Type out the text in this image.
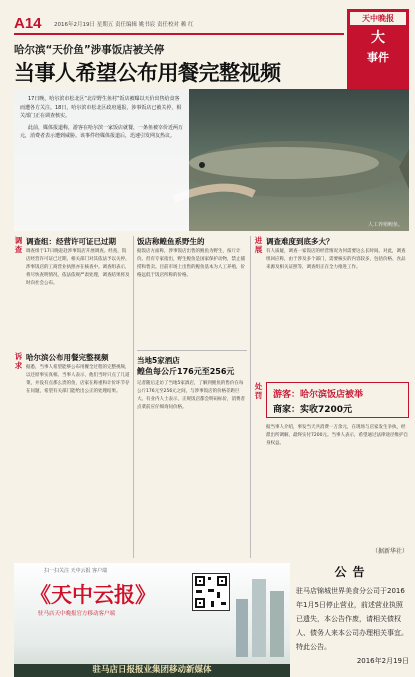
A14 2016年2月19日 星期五 责任编辑 姚书宸 责任校对 赖 红
天中晚报
大
事件
哈尔滨“天价鱼”涉事饭店被关停
当事人希望公布用餐完整视频

17日晚，哈尔滨市松北区“北岸野生鱼村”饭店被曝以天价出售给食客而遭各方关注。18日，哈尔滨市松北区政府通报，涉事饭店已被关停，相关部门正在调查核实。

此前，媒体报道称，游客在哈尔滨一家饭店就餐，一条鱼被宰价近两万元，消费者表示遭到威胁。该事件经媒体报道后，迅速引发网友热议。

人工养殖鳇鱼。
调查
调查组：经营许可证已过期
调查组于17日晚赶赴涉事饭店开展调查。经查，饭店经营许可证已过期，相关部门对其依法予以关停。涉事饭店的工商营业执照亦在核查中。调查组表示，将尽快查明情况，依法依规严肃处理，调查结果将及时向社会公布。
诉求
哈尔滨公布用餐完整视频
据悉，当事人希望能够公布用餐全过程的完整视频，以还原事实真相。当事人表示，他们当时只点了几道菜，并没有点那么贵的鱼，店家在称重和计价环节存在问题，希望有关部门能给出公正的处理结果。
饭店称鳇鱼系野生的
据饭店方面称，涉事饭店出售的鳇鱼为野生，按斤计价。但有专家指出，野生鳇鱼是国家保护动物，禁止捕捞和售卖。目前市场上出售的鳇鱼基本为人工养殖，价格远低于饭店所称的价格。
当地5家酒店
鳇鱼每公斤176元至256元
记者随后走访了当地5家酒店，了解到鳇鱼的售价在每公斤176元至256元之间，与涉事饭店的价格差距巨大。有业内人士表示，正规饭店都会明码标价，消费者点菜前应仔细询问价格。
进展
调查难度到底多大？
有人质疑，调查一家饭店的经营情况为何需要这么长时间。对此，调查组回应称，由于涉及多个部门，需要核实的内容较多，包括价格、食品来源及相关证照等，调查组正在全力推进工作。
处罚 游客：哈尔滨饭店被举
商家：实收7200元
据当事人介绍，事发当天共消费一万余元，在现场与店家发生争执，经派出所调解，最终实付7200元。当事人表示，希望通过法律途径维护自身权益。
（据新华社）
扫一扫关注 天中云报 客户端
《天中云报》
驻马店天中晚报官方移动客户端
驻马店日报报业集团移动新媒体
公告
驻马店锦城世界美食分公司于2016年1月5日停止营业，前述营业执照已遗失，本公告作废，请相关债权人、债务人来本公司办理相关事宜。特此公告。
2016年2月19日
